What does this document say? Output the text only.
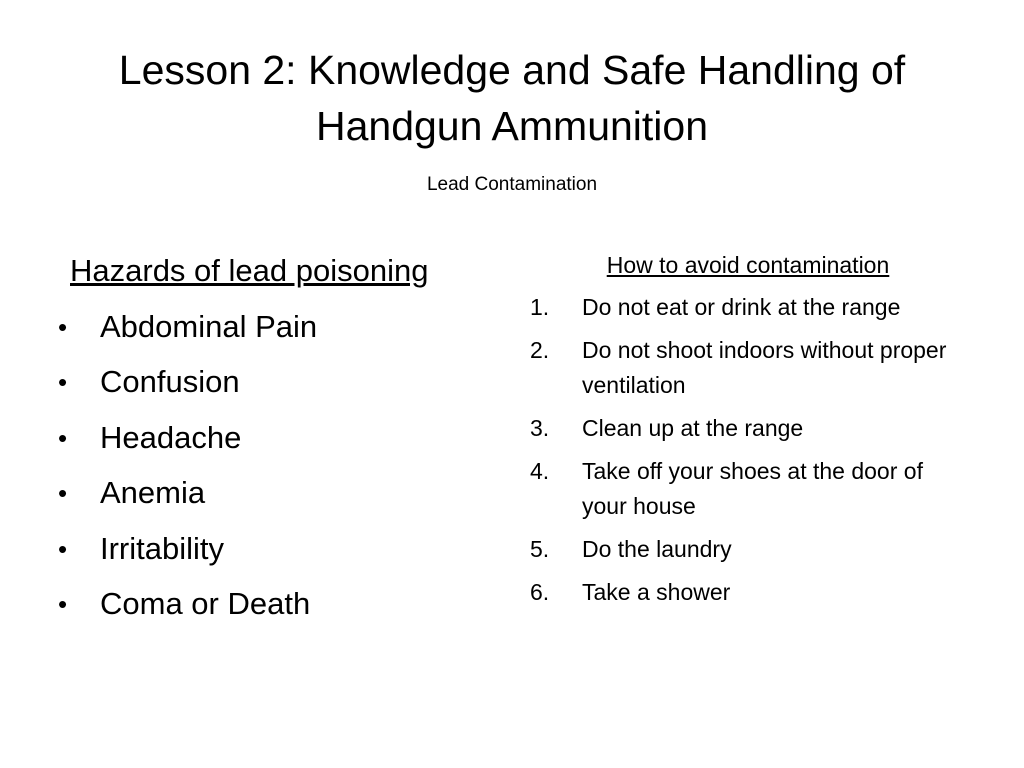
Lesson 2: Knowledge and Safe Handling of Handgun Ammunition

Lead Contamination

Hazards of lead poisoning

• Abdominal Pain
• Confusion
• Headache
• Anemia
• Irritability
• Coma or Death

How to avoid contamination

1. Do not eat or drink at the range
2. Do not shoot indoors without proper ventilation
3. Clean up at the range
4. Take off your shoes at the door of your house
5. Do the laundry
6. Take a shower
